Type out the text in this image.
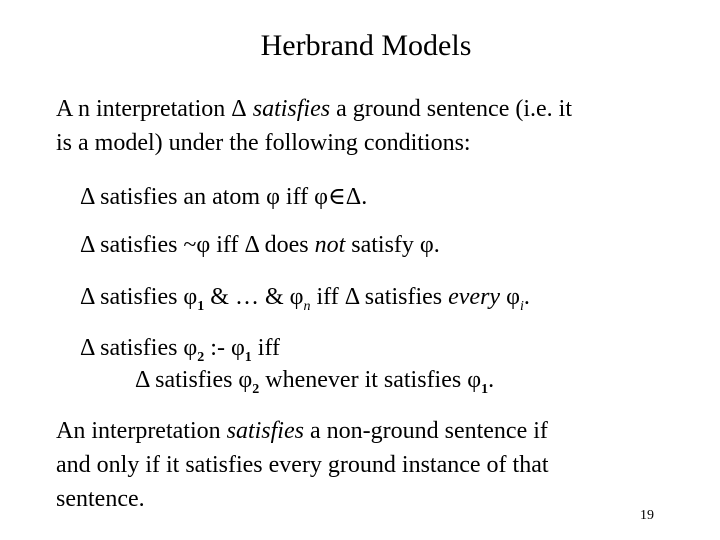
Herbrand Models
A n interpretation Δ satisfies a ground sentence (i.e. it
is a model) under the following conditions:
Δ satisfies an atom φ iff φ∈Δ.
Δ satisfies ~φ iff Δ does not satisfy φ.
Δ satisfies $\varphi_1$ & … & $\varphi_n$ iff Δ satisfies every $\varphi_i$.
Δ satisfies $\varphi_2$ :- $\varphi_1$ iff
Δ satisfies $\varphi_2$ whenever it satisfies $\varphi_1$.
An interpretation satisfies a non-ground sentence if
and only if it satisfies every ground instance of that
sentence.
19
